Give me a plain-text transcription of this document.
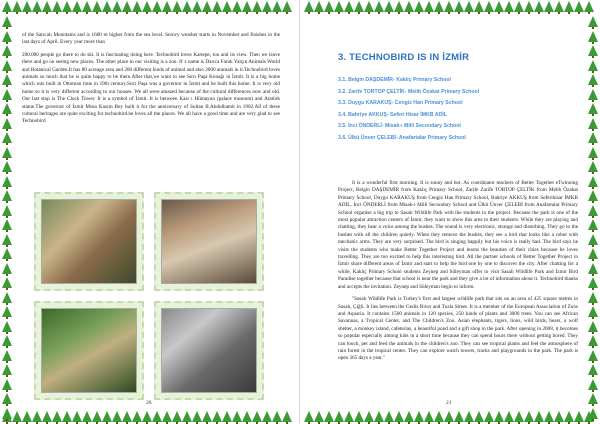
of the Sarıcalı Mountains and is 1600 m higher from the sea level. Snowy weather starts in November and finishes in the last days of April. Every year more than

200.000 people go there to do ski. It is fascinating doing here. Technobird loves Kartepe, too and its view. Then we leave there and go on seeing new places. The other place in our visiting is a zoo. It' s name is Darıca Faruk Yalçın Animals World and Botanical Garden.It has 80 acreage area and 200 different kinds of animal and also 2000 animals in it.Technobird loves animals so much that he is quite happy to be there.After that,we want to see Sırrı Paşa Konağı in İzmit. It is a big home which was built in Ottoman time in 19th century.Sırrı Paşa was a governor in İzmit and he built this home. It is very old home so it is very different according to our houses. We all were amazed because of the cultural differences now and old. Our last stop is The Clock Tower. It is a symbol of İzmit. It is between Kasr ı Hümayun (palace museum) and Atatürk statue.The governor of İzmit Musa Kazım Bey built it for the anniversary of Sultan II.Abdulhamit in 1902.All of these cultural heritages are quite exciting for technobird.he loves all the places. We all have a good time and are very glad to see Technobird

20
3. TECHNOBIRD IS IN İZMİR
3.1. Belgin DAŞDEMİR- Kaklıç Primary School
3.2. Zarife TORTOP ÇELTİK- Melih Özakat Primary School
3.3. Duygu KARAKUŞ- Cengiz Han Primary School
3.4. Bahriye AKKUŞ- Seferi Hisar İMKB ADİL
3.5. İnci ÖNDERLİ- Misak-ı Milli Secondary School
3.6. Ülkü Ünver ÇELEBİ- Anafartalar Primary School

It is a wonderful first morning. It is sunny and hot. As coordinator teachers of Better Together eTwinning Project, Belgin DAŞDEMİR from Kaklıç Primary School, Zarife Zarife TORTOP ÇELTİK from Melih Özakat Primary School, Duygu KARAKUŞ from Cengiz Han Primary School, Bahriye AKKUŞ from Seferihisar İMKB ADİL, İnci ÖNDERLİ from Misak-ı Milli Secondary School and Ülkü Ünver ÇELEBİ from Anafartalar Primary School organise a big trip to Sasalı Wildlife Park with the students in the project. Because the park is one of the most popular attraction centers of İzmir, they want to show this area to their students. While they are playing and chatting, they hear a voice among the bushes. The sound is very electronic, strange and disturbing. They go to the bushes with all the children quietly. When they remove the bushes, they see a bird that looks like a robot with mechanic arms. They are very surprised. The bird is singing happily but his voice is really bad. The bird says he visits the students who make Better Together Project and learns the beauties of their cities because he loves travelling. They are too excited to help this interesting bird. All the partner schools of Better Together Project in İzmir share different areas of İzmir and start to help the bird one by one to discover the city. After chatting for a while, Kaklıç Primary School students Zeynep and Süleyman offer to visit Sasalı Wildlife Park and İzmir Bird Paradise together because that school is near the park and they give a lot of information about it. Technobird thanks and accepts the invitation. Zeynep and Süleyman begin to inform.

"Sasalı Wildlife Park is Turkey's first and largest wildlife park that sits on an area of 425 square metres in Sasalı, Çiğli. It lies between the Gediz River and Tuzla Street. It is a member of the European Association of Zoos and Aquaria. It contains 1500 animals in 120 species, 250 kinds of plants and 3000 trees. You can see African Savannas, a Tropical Center, and The Children's Zoo. Asian elephants, tigers, lions, wild birds, bears, a wolf shelter, a monkey island, cafeterias, a beautiful pond and a gift shop in the park. After opening in 2008, it becomes so popular especially among kids in a short time because they can spend hours there without getting bored. They can touch, pet and feed the animals in the children's zoo. They can see tropical plants and feel the atmosphere of rain forest in the tropical center. They can explore watch towers, tracks and playgrounds in the park. The park is open 365 days a year."

21
